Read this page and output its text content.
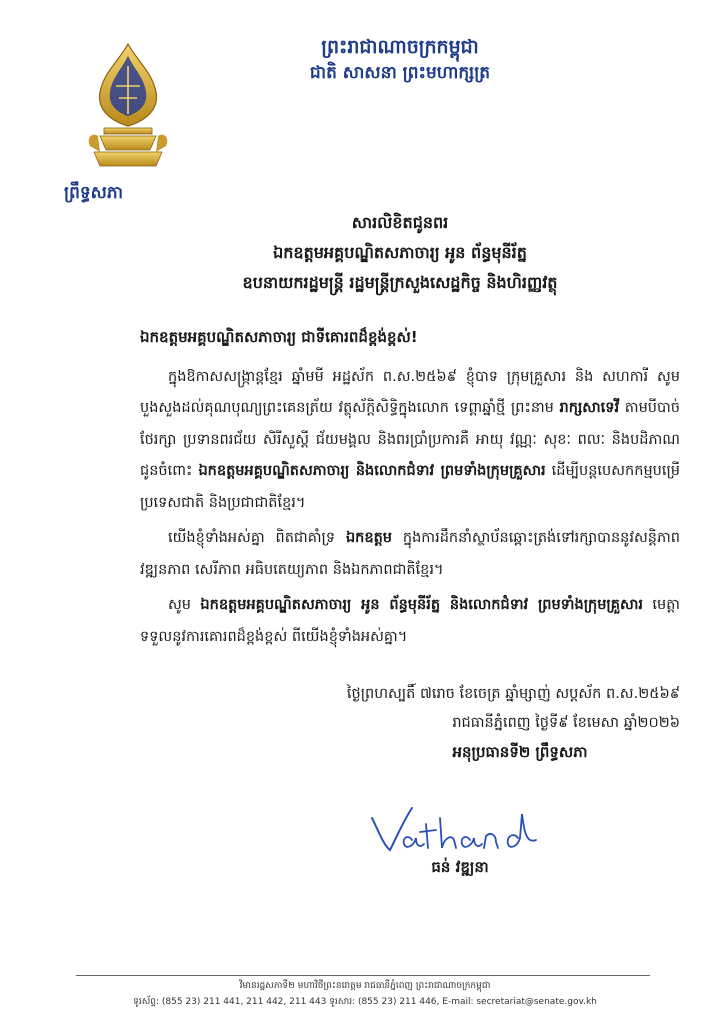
ព្រះរាជាណាចក្រកម្ពុជា
ជាតិ សាសនា ព្រះមហាក្សត្រ
ព្រឹទ្ធសភា
សារលិខិតជូនពរ
ឯកឧត្តមអគ្គបណ្ឌិតសភាចារ្យ អូន ព័ន្ធមុនីរ័ត្ន
ឧបនាយករដ្ឋមន្ត្រី រដ្ឋមន្ត្រីក្រសួងសេដ្ឋកិច្ច និងហិរញ្ញវត្ថុ

ឯកឧត្តមអគ្គបណ្ឌិតសភាចារ្យ ជាទីគោរពដ៏ខ្ពង់ខ្ពស់!

ក្នុងឱកាសសង្ក្រាន្តខ្មែរ ឆ្នាំមមី អដ្ឋស័ក ព.ស.២៥៦៩ ខ្ញុំបាទ ក្រុមគ្រួសារ និង សហការី សូមបួងសួងដល់គុណបុណ្យព្រះគេនត្រ័យ វត្ថុស័ក្តិសិទ្ធិក្នុងលោក ទេព្តាឆ្នាំថ្មី ព្រះនាម រាក្សសាទេវី តាមបីបាច់ថែរក្សា ប្រទានពរជ័យ សិរីសួស្តី ជ័យមង្គល និងពរប្រាំប្រការគឺ អាយុ វណ្ណៈ សុខៈ ពលៈ និងបដិភាណ ជូនចំពោះ ឯកឧត្តមអគ្គបណ្ឌិតសភាចារ្យ និងលោកជំទាវ ព្រមទាំងក្រុមគ្រួសារ ដើម្បីបន្តបេសកកម្មបម្រើប្រទេសជាតិ និងប្រជាជាតិខ្មែរ។

យើងខ្ញុំទាំងអស់គ្នា ពិតជាគាំទ្រ ឯកឧត្តម ក្នុងការដឹកនាំស្ថាប័នឆ្ពោះត្រង់ទៅរក្សាបាននូវសន្តិភាព វឌ្ឍនភាព សេរីភាព អធិបតេយ្យភាព និងឯកភាពជាតិខ្មែរ។

សូម ឯកឧត្តមអគ្គបណ្ឌិតសភាចារ្យ អូន ព័ន្ធមុនីរ័ត្ន និងលោកជំទាវ ព្រមទាំងក្រុមគ្រួសារ មេត្តាទទួលនូវការគោរពដ៏ខ្ពង់ខ្ពស់ ពីយើងខ្ញុំទាំងអស់គ្នា។

ថ្ងៃព្រហស្បតិ៍ ៧រោច ខែចេត្រ ឆ្នាំម្សាញ់ សប្តស័ក ព.ស.២៥៦៩
រាជធានីភ្នំពេញ ថ្ងៃទី៩ ខែមេសា ឆ្នាំ២០២៦
អនុប្រធានទី២ ព្រឹទ្ធសភា
ធន់ វឌ្ឍនា
វិមានរដ្ឋសភាទី២ មហាវិថីព្រះនរោត្តម រាជធានីភ្នំពេញ ព្រះរាជាណាចក្រកម្ពុជា
ទូរស័ព្ទ: (855 23) 211 441, 211 442, 211 443 ទូរសារ: (855 23) 211 446, E-mail: secretariat@senate.gov.kh
